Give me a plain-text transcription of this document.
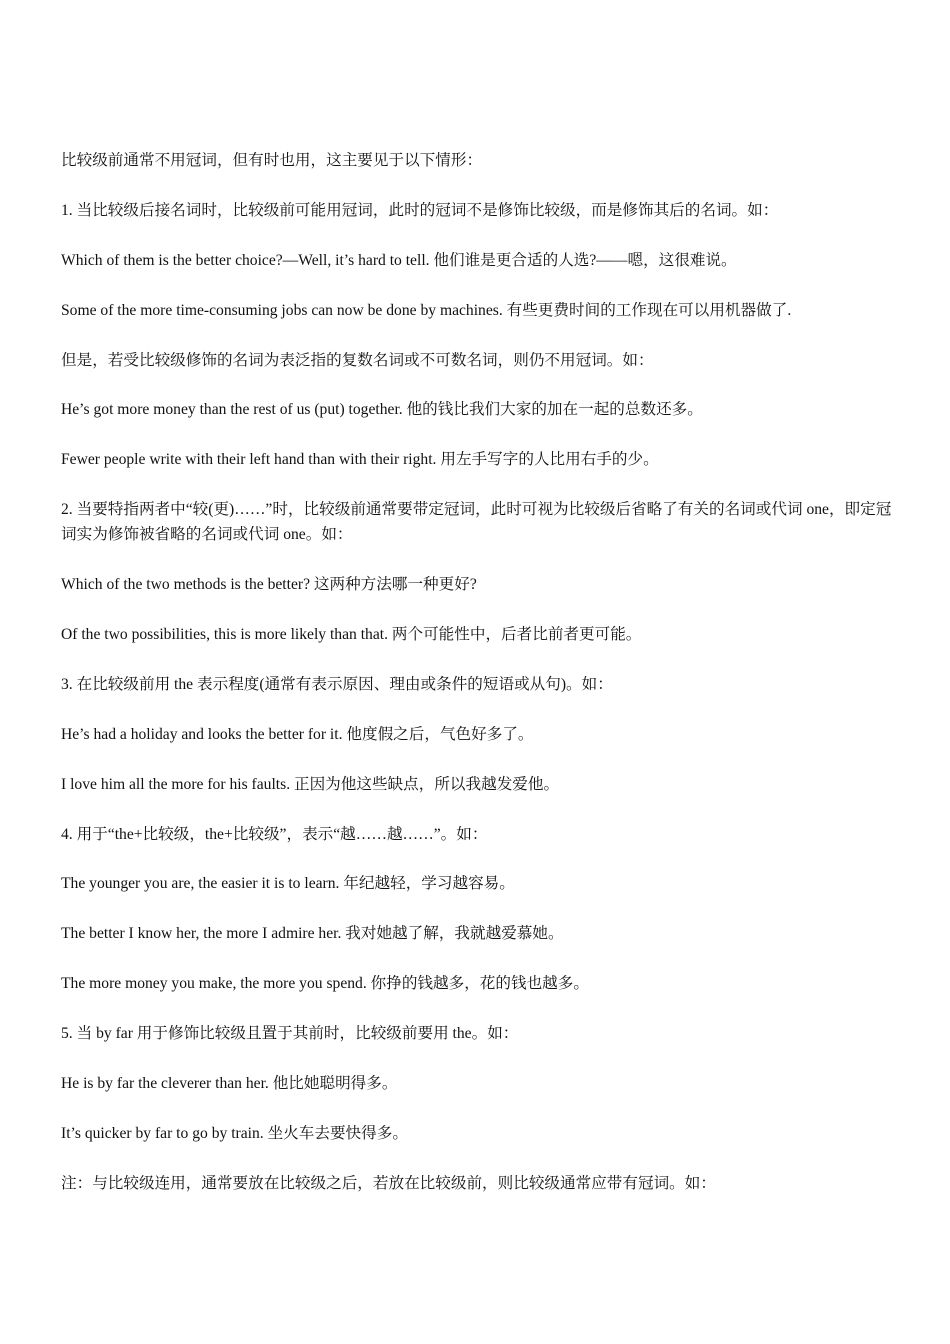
比较级前通常不用冠词，但有时也用，这主要见于以下情形：

1. 当比较级后接名词时，比较级前可能用冠词，此时的冠词不是修饰比较级，而是修饰其后的名词。如：

Which of them is the better choice?—Well, it’s hard to tell. 他们谁是更合适的人选?——嗯，这很难说。

Some of the more time-consuming jobs can now be done by machines. 有些更费时间的工作现在可以用机器做了.

但是，若受比较级修饰的名词为表泛指的复数名词或不可数名词，则仍不用冠词。如：

He’s got more money than the rest of us (put) together. 他的钱比我们大家的加在一起的总数还多。

Fewer people write with their left hand than with their right. 用左手写字的人比用右手的少。

2. 当要特指两者中“较(更)……”时，比较级前通常要带定冠词，此时可视为比较级后省略了有关的名词或代词 one，即定冠词实为修饰被省略的名词或代词 one。如：

Which of the two methods is the better? 这两种方法哪一种更好?

Of the two possibilities, this is more likely than that. 两个可能性中，后者比前者更可能。

3. 在比较级前用 the 表示程度(通常有表示原因、理由或条件的短语或从句)。如：

He’s had a holiday and looks the better for it. 他度假之后，气色好多了。

I love him all the more for his faults. 正因为他这些缺点，所以我越发爱他。

4. 用于“the+比较级，the+比较级”，表示“越……越……”。如：

The younger you are, the easier it is to learn. 年纪越轻，学习越容易。

The better I know her, the more I admire her. 我对她越了解，我就越爱慕她。

The more money you make, the more you spend. 你挣的钱越多，花的钱也越多。

5. 当 by far 用于修饰比较级且置于其前时，比较级前要用 the。如：

He is by far the cleverer than her. 他比她聪明得多。

It’s quicker by far to go by train. 坐火车去要快得多。

注：与比较级连用，通常要放在比较级之后，若放在比较级前，则比较级通常应带有冠词。如：
